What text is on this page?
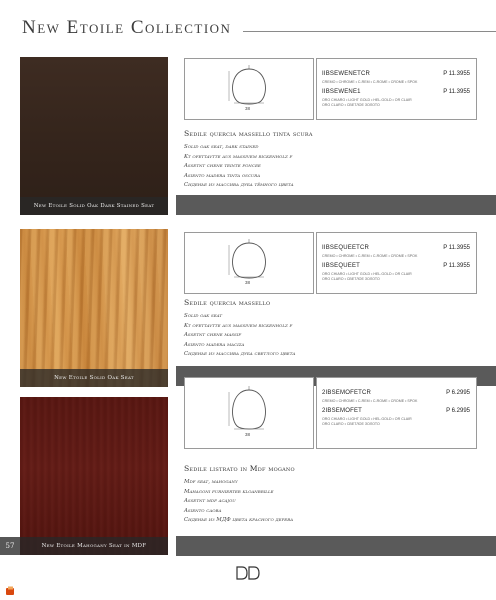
New Etoile Collection
New Etoile Solid Oak Dark Stained Seat
38
IIBSEWENETCR	P 11.3955
CREMO • CHROME • C-REM • C-ROME • CROME • SPOK
IIBSEWENE1	P 11.3955
ORO CHIARO • LIGHT GOLD • HEL.GOLD • OR CLAIR
ORO CLARO • СВЕТЛОЕ ЗОЛОТО
Sedile quercia massello tinta scura
Solid oak seat, dark stained
Kt ofettavtte aus massivem rickenholz f
Assetnt chene teinte foncee
Asiento madera tinta oscura
Сиденье из массива дуба тёмного цвета
New Etoile Solid Oak Seat
38
IIBSEQUEETCR	P 11.3955
CREMO • CHROME • C-REM • C-ROME • CROME • SPOK
IIBSEQUEET	P 11.3955
ORO CHIARO • LIGHT GOLD • HEL.GOLD • OR CLAIR
ORO CLARO • СВЕТЛОЕ ЗОЛОТО
Sedile quercia massello
Solid oak seat
Kt ofettavtte aus massivem rickenholz f
Assetnt chene massif
Asiento madera maciza
Сиденье из массива дуба светлого цвета
New Etoile Mahogany Seat in MDF
57
38
2IBSEMOFETCR	P 6.2995
CREMO • CHROME • C-REM • C-ROME • CROME • SPOK
2IBSEMOFET	P 6.2995
ORO CHIARO • LIGHT GOLD • HEL.GOLD • OR CLAIR
ORO CLARO • СВЕТЛОЕ ЗОЛОТО
Sedile listrato in Mdf mogano
Mdf seat, mahogany
Mahagoni furnierter kloanbrille
Assetnt mdf acajou
Asiento caoba
Сиденье из МДФ цвета красного дерева
